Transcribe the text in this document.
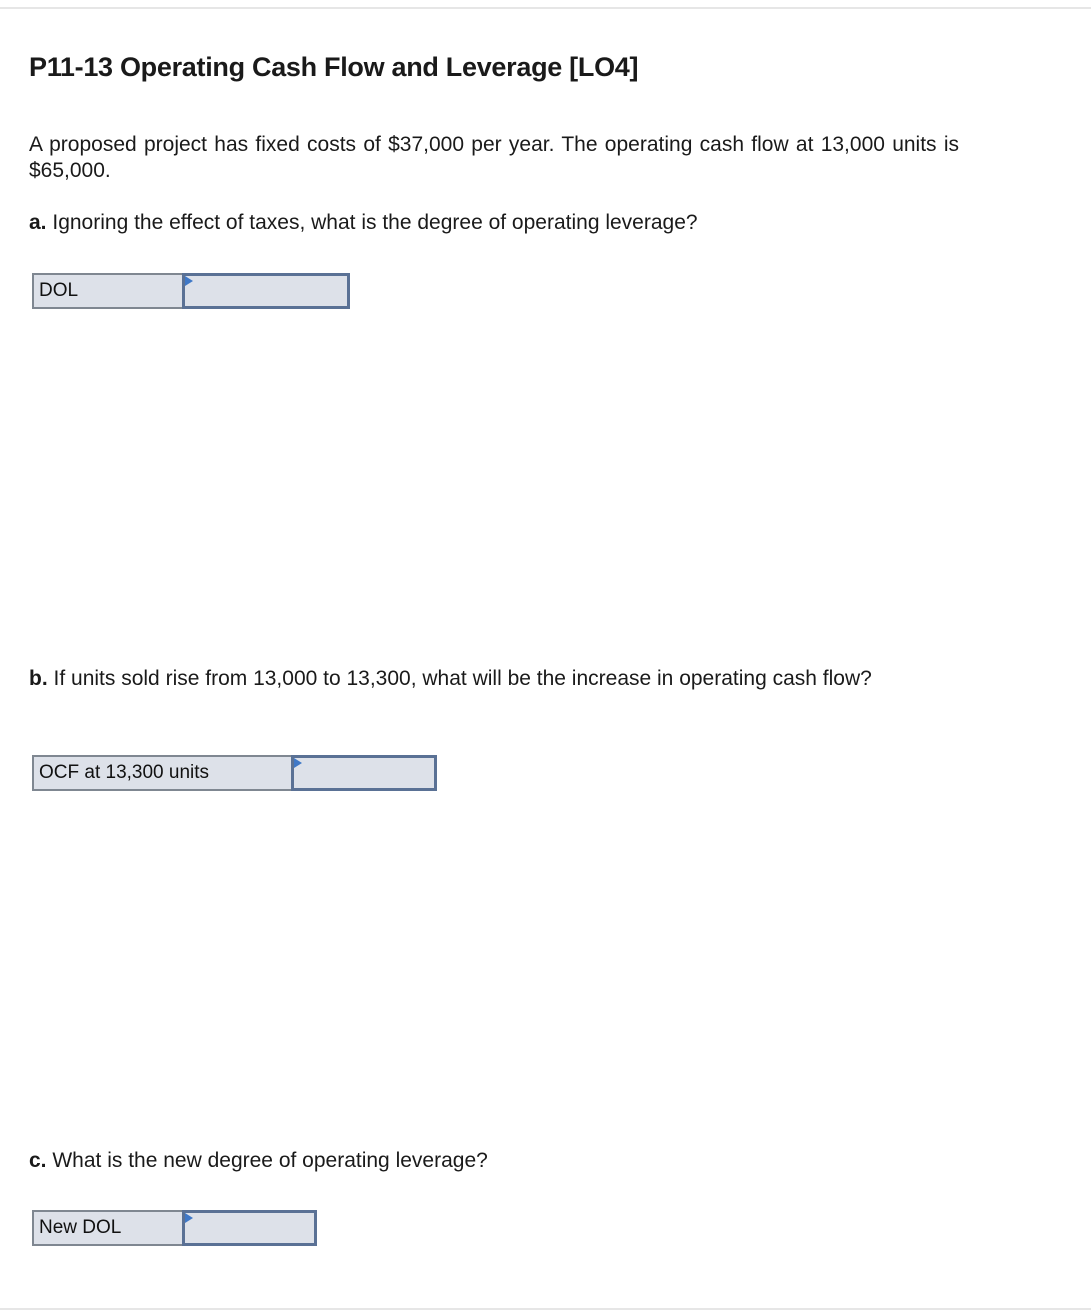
P11-13 Operating Cash Flow and Leverage [LO4]

A proposed project has fixed costs of $37,000 per year. The operating cash flow at 13,000 units is $65,000.

a. Ignoring the effect of taxes, what is the degree of operating leverage?

DOL

b. If units sold rise from 13,000 to 13,300, what will be the increase in operating cash flow?

OCF at 13,300 units

c. What is the new degree of operating leverage?

New DOL
